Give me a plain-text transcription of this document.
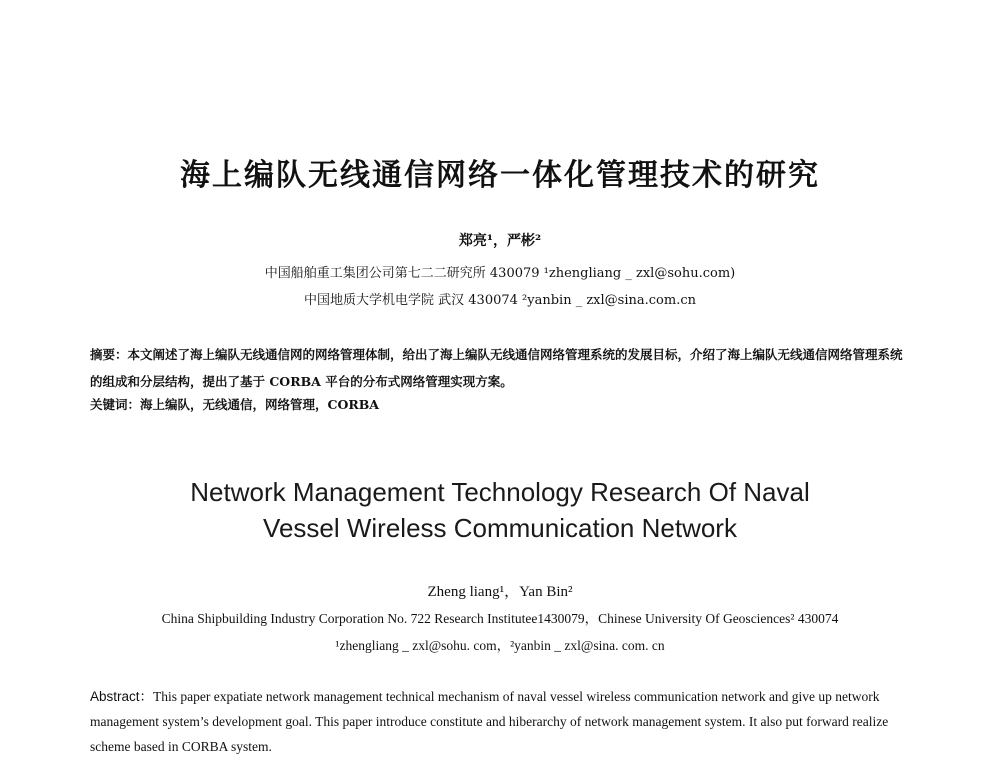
海上编队无线通信网络一体化管理技术的研究
郑亮¹，严彬²
中国船舶重工集团公司第七二二研究所 430079 ¹zhengliang _ zxl@sohu.com)
中国地质大学机电学院 武汉 430074 ²yanbin _ zxl@sina.com.cn
摘要：本文阐述了海上编队无线通信网的网络管理体制，给出了海上编队无线通信网络管理系统的发展目标，介绍了海上编队无线通信网络管理系统的组成和分层结构，提出了基于 CORBA 平台的分布式网络管理实现方案。
关键词：海上编队，无线通信，网络管理，CORBA
Network Management Technology Research Of Naval
Vessel Wireless Communication Network
Zheng liang¹，Yan Bin²
China Shipbuilding Industry Corporation No. 722 Research Institutee1430079，Chinese University Of Geosciences² 430074
¹zhengliang _ zxl@sohu. com，²yanbin _ zxl@sina. com. cn
Abstract：This paper expatiate network management technical mechanism of naval vessel wireless communication network and give up network management system’s development goal. This paper introduce constitute and hiberarchy of network management system. It also put forward realize scheme based in CORBA system.
